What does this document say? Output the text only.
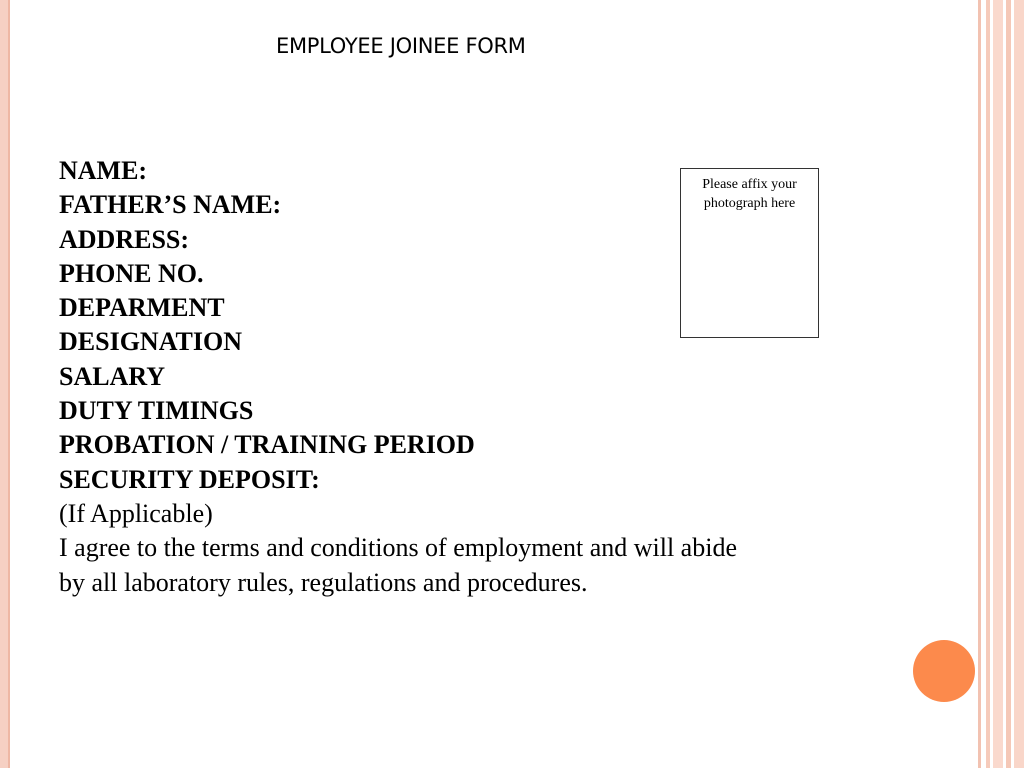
EMPLOYEE JOINEE FORM
NAME:
FATHER’S NAME:
ADDRESS:
PHONE NO.
DEPARMENT
DESIGNATION
SALARY
DUTY TIMINGS
PROBATION / TRAINING PERIOD
SECURITY DEPOSIT:
(If Applicable)
I agree to the terms and conditions of employment and will abide
by all laboratory rules, regulations and procedures.
Please affix your
photograph here
